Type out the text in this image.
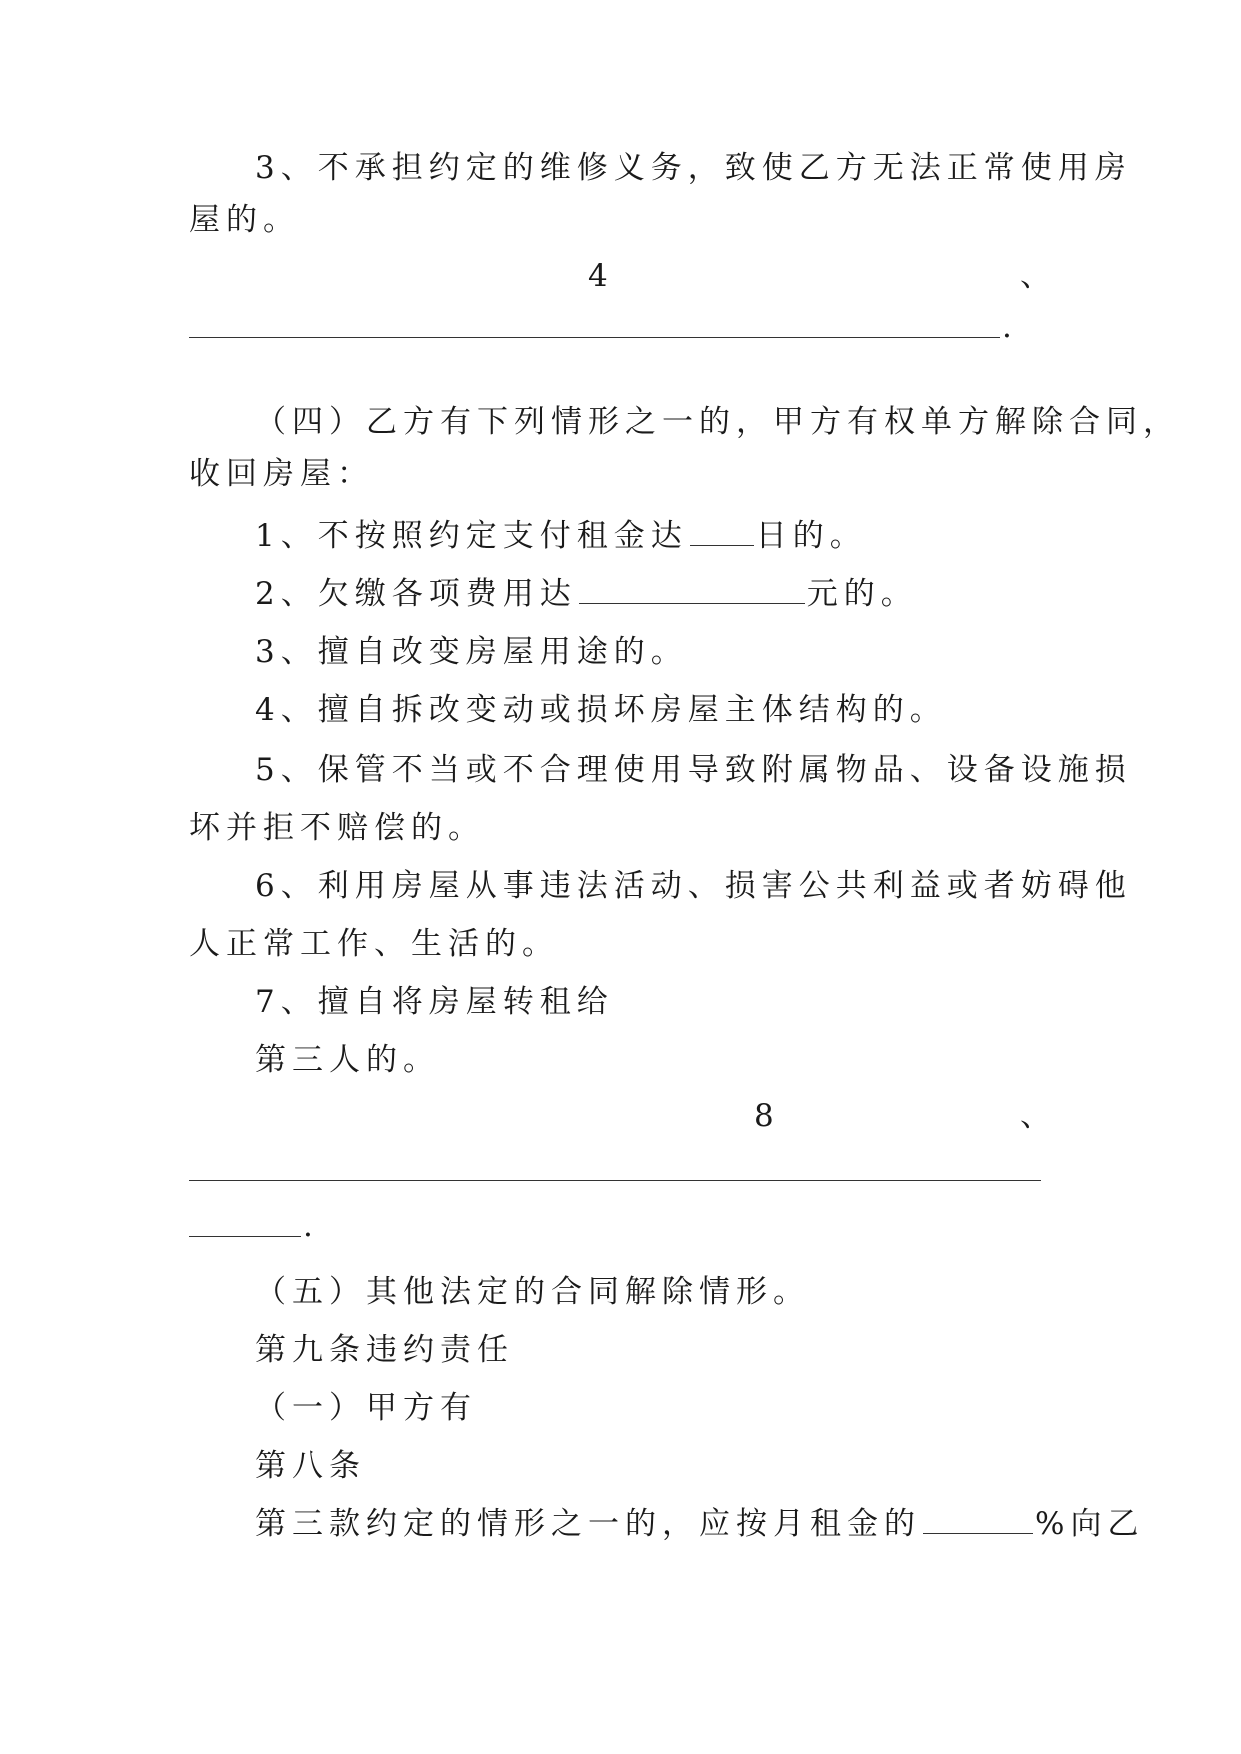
3、不承担约定的维修义务，致使乙方无法正常使用房

屋的。

4	、
.

（四）乙方有下列情形之一的，甲方有权单方解除合同，

收回房屋：

1、不按照约定支付租金达 日的。

2、欠缴各项费用达	元的。

3、擅自改变房屋用途的。

4、擅自拆改变动或损坏房屋主体结构的。

5、保管不当或不合理使用导致附属物品、设备设施损

坏并拒不赔偿的。

6、利用房屋从事违法活动、损害公共利益或者妨碍他

人正常工作、生活的。

7、擅自将房屋转租给

第三人的。

8	、
.

（五）其他法定的合同解除情形。

第九条违约责任

（一）甲方有

第八条

第三款约定的情形之一的，应按月租金的	%向乙
